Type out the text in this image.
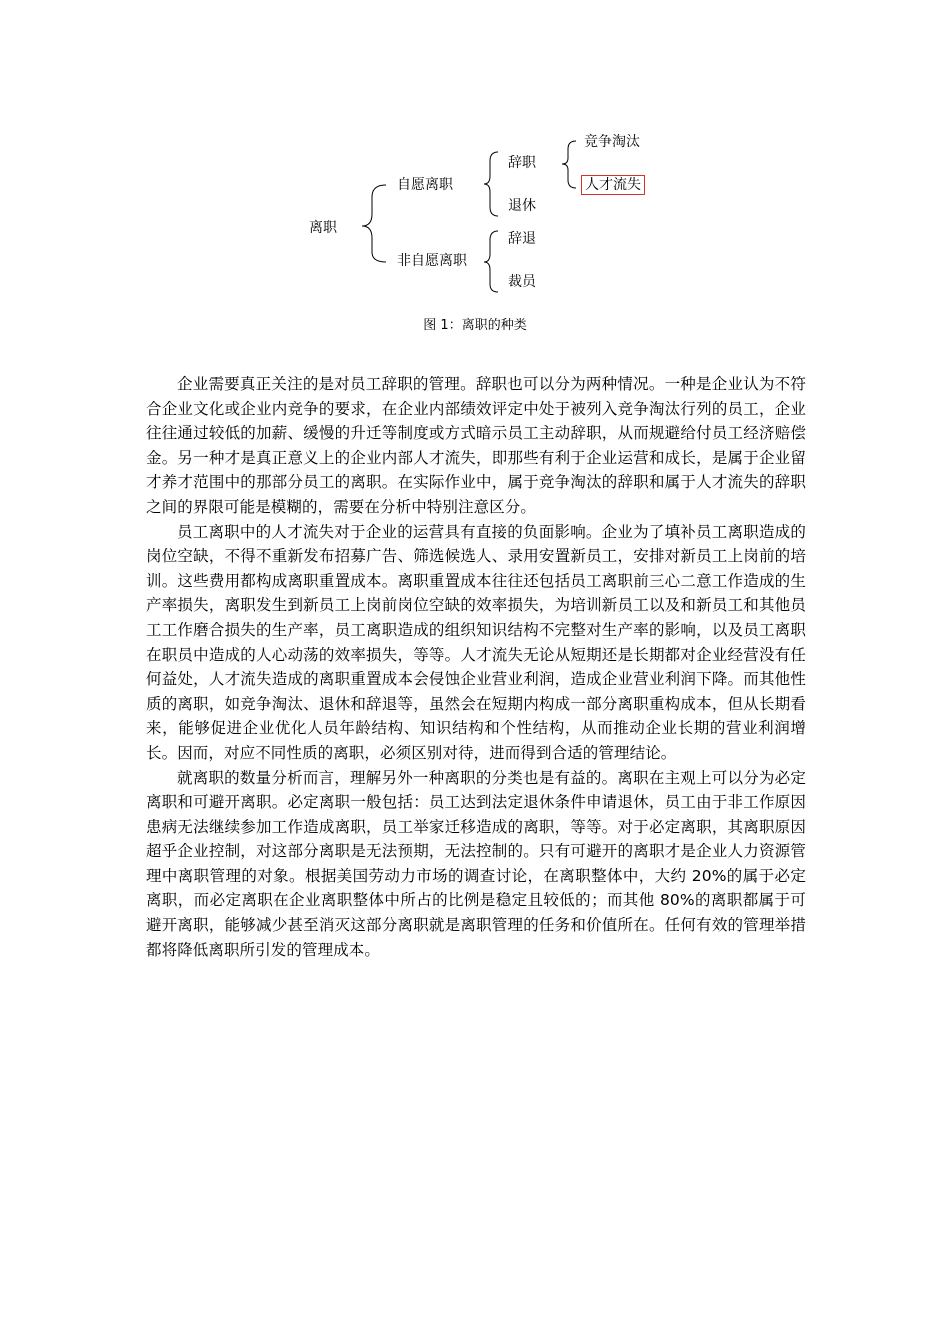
离职
自愿离职
非自愿离职
辞职
退休
辞退
裁员
竞争淘汰
人才流失
图 1：离职的种类

企业需要真正关注的是对员工辞职的管理。辞职也可以分为两种情况。一种是企业认为不符合企业文化或企业内竞争的要求，在企业内部绩效评定中处于被列入竞争淘汰行列的员工，企业往往通过较低的加薪、缓慢的升迁等制度或方式暗示员工主动辞职，从而规避给付员工经济赔偿金。另一种才是真正意义上的企业内部人才流失，即那些有利于企业运营和成长，是属于企业留才养才范围中的那部分员工的离职。在实际作业中，属于竞争淘汰的辞职和属于人才流失的辞职之间的界限可能是模糊的，需要在分析中特别注意区分。

员工离职中的人才流失对于企业的运营具有直接的负面影响。企业为了填补员工离职造成的岗位空缺，不得不重新发布招募广告、筛选候选人、录用安置新员工，安排对新员工上岗前的培训。这些费用都构成离职重置成本。离职重置成本往往还包括员工离职前三心二意工作造成的生产率损失，离职发生到新员工上岗前岗位空缺的效率损失，为培训新员工以及和新员工和其他员工工作磨合损失的生产率，员工离职造成的组织知识结构不完整对生产率的影响，以及员工离职在职员中造成的人心动荡的效率损失，等等。人才流失无论从短期还是长期都对企业经营没有任何益处，人才流失造成的离职重置成本会侵蚀企业营业利润，造成企业营业利润下降。而其他性质的离职，如竞争淘汰、退休和辞退等，虽然会在短期内构成一部分离职重构成本，但从长期看来，能够促进企业优化人员年龄结构、知识结构和个性结构，从而推动企业长期的营业利润增长。因而，对应不同性质的离职，必须区别对待，进而得到合适的管理结论。

就离职的数量分析而言，理解另外一种离职的分类也是有益的。离职在主观上可以分为必定离职和可避开离职。必定离职一般包括：员工达到法定退休条件申请退休，员工由于非工作原因患病无法继续参加工作造成离职，员工举家迁移造成的离职，等等。对于必定离职，其离职原因超乎企业控制，对这部分离职是无法预期，无法控制的。只有可避开的离职才是企业人力资源管理中离职管理的对象。根据美国劳动力市场的调查讨论，在离职整体中，大约 20%的属于必定离职，而必定离职在企业离职整体中所占的比例是稳定且较低的；而其他 80%的离职都属于可避开离职，能够减少甚至消灭这部分离职就是离职管理的任务和价值所在。任何有效的管理举措都将降低离职所引发的管理成本。
